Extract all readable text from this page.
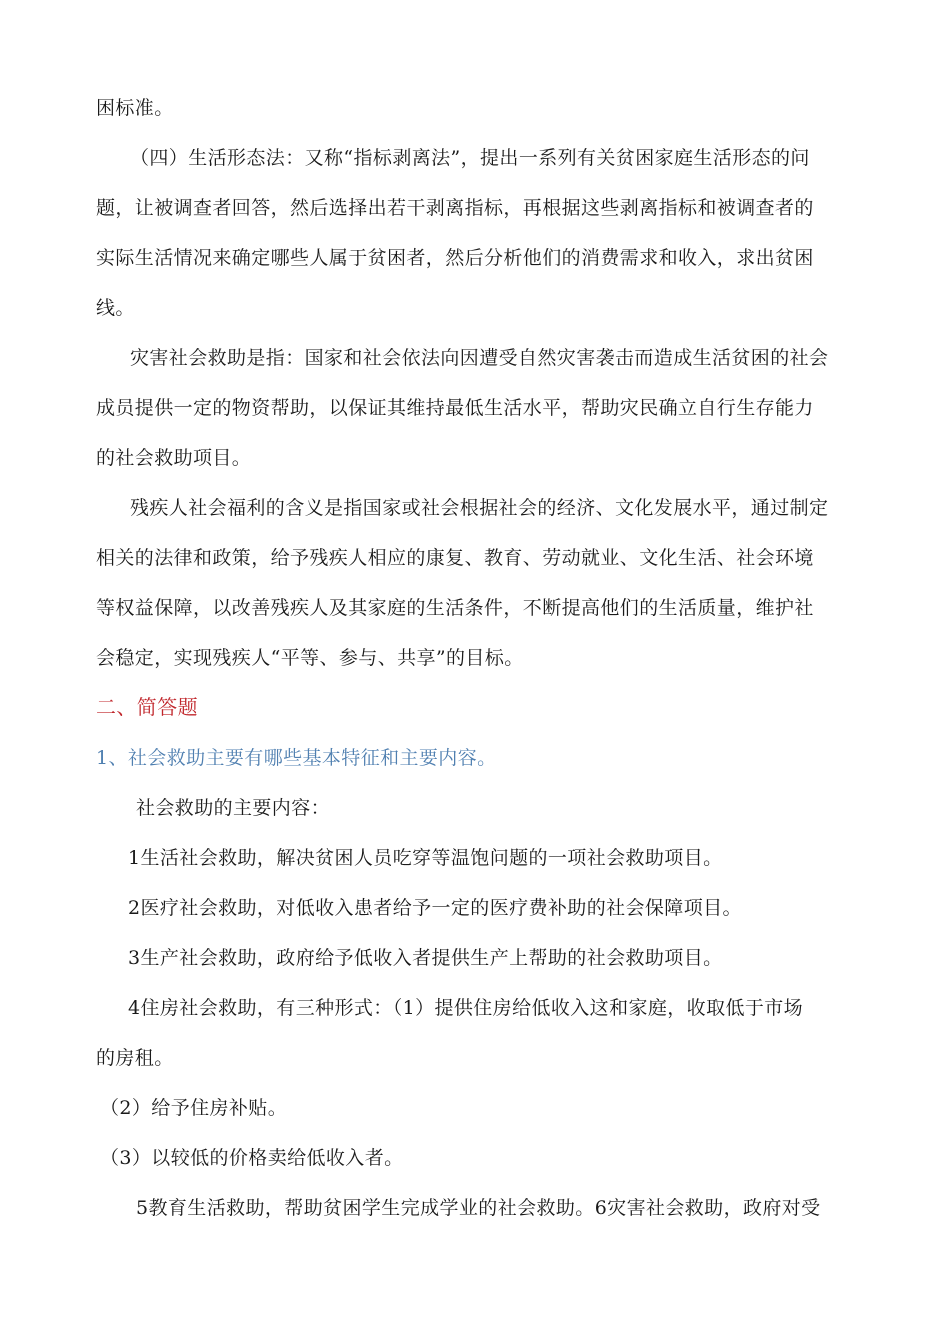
困标准。
（四）生活形态法：又称“指标剥离法”，提出一系列有关贫困家庭生活形态的问
题，让被调查者回答，然后选择出若干剥离指标，再根据这些剥离指标和被调查者的
实际生活情况来确定哪些人属于贫困者，然后分析他们的消费需求和收入，求出贫困
线。
灾害社会救助是指：国家和社会依法向因遭受自然灾害袭击而造成生活贫困的社会
成员提供一定的物资帮助，以保证其维持最低生活水平，帮助灾民确立自行生存能力
的社会救助项目。
残疾人社会福利的含义是指国家或社会根据社会的经济、文化发展水平，通过制定
相关的法律和政策，给予残疾人相应的康复、教育、劳动就业、文化生活、社会环境
等权益保障，以改善残疾人及其家庭的生活条件，不断提高他们的生活质量，维护社
会稳定，实现残疾人“平等、参与、共享”的目标。
二、简答题
1、社会救助主要有哪些基本特征和主要内容。
社会救助的主要内容：
1生活社会救助，解决贫困人员吃穿等温饱问题的一项社会救助项目。
2医疗社会救助，对低收入患者给予一定的医疗费补助的社会保障项目。
3生产社会救助，政府给予低收入者提供生产上帮助的社会救助项目。
4住房社会救助，有三种形式：（1）提供住房给低收入这和家庭，收取低于市场
的房租。
（2）给予住房补贴。
（3）以较低的价格卖给低收入者。
5教育生活救助，帮助贫困学生完成学业的社会救助。6灾害社会救助，政府对受
